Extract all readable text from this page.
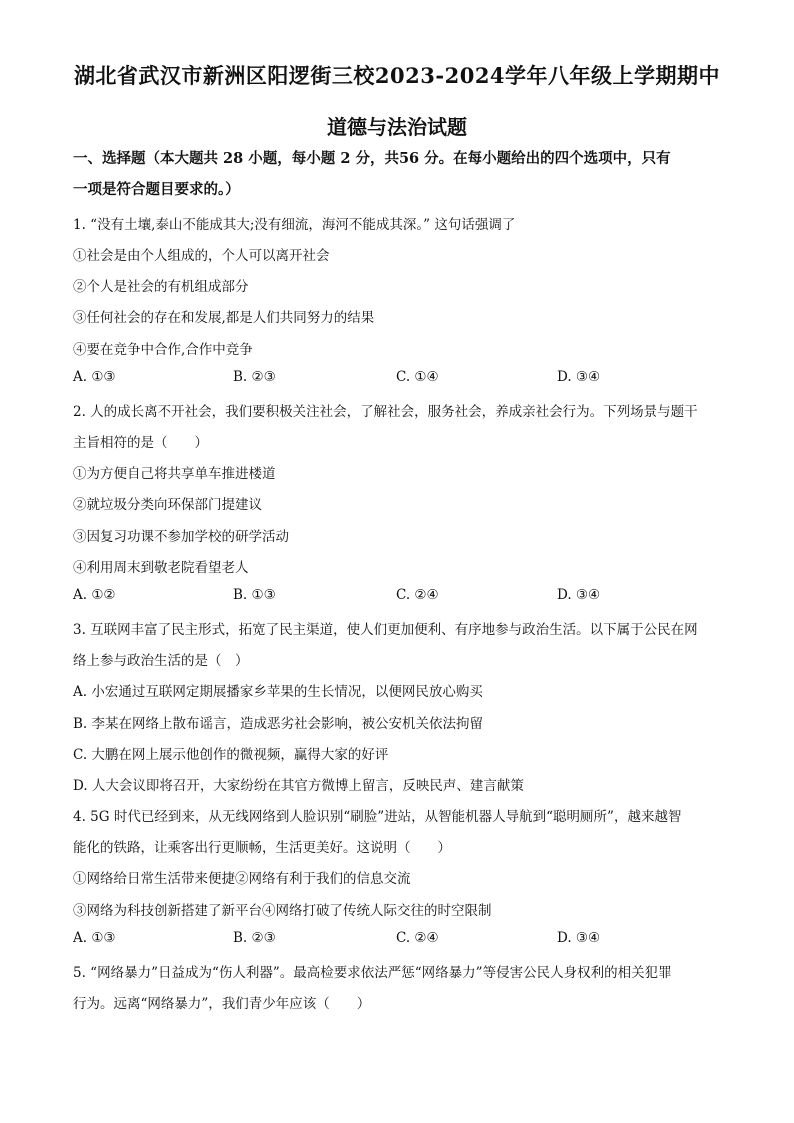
湖北省武汉市新洲区阳逻街三校2023-2024学年八年级上学期期中
道德与法治试题
一、选择题（本大题共 28 小题，每小题 2 分，共56 分。在每小题给出的四个选项中，只有
一项是符合题目要求的。）
1. “没有土壤,泰山不能成其大;没有细流，海河不能成其深。” 这句话强调了
①社会是由个人组成的，个人可以离开社会
②个人是社会的有机组成部分
③任何社会的存在和发展,都是人们共同努力的结果
④要在竞争中合作,合作中竞争
A. ①③	B. ②③	C. ①④	D. ③④
2. 人的成长离不开社会，我们要积极关注社会，了解社会，服务社会，养成亲社会行为。下列场景与题干
主旨相符的是（　　）
①为方便自己将共享单车推进楼道
②就垃圾分类向环保部门提建议
③因复习功课不参加学校的研学活动
④利用周末到敬老院看望老人
A. ①②	B. ①③	C. ②④	D. ③④
3. 互联网丰富了民主形式，拓宽了民主渠道，使人们更加便利、有序地参与政治生活。以下属于公民在网
络上参与政治生活的是（　）
A. 小宏通过互联网定期展播家乡苹果的生长情况，以便网民放心购买
B. 李某在网络上散布谣言，造成恶劣社会影响，被公安机关依法拘留
C. 大鹏在网上展示他创作的微视频，赢得大家的好评
D. 人大会议即将召开，大家纷纷在其官方微博上留言，反映民声、建言献策
4. 5G 时代已经到来，从无线网络到人脸识别“刷脸”进站，从智能机器人导航到“聪明厕所”，越来越智
能化的铁路，让乘客出行更顺畅，生活更美好。这说明（　　）
①网络给日常生活带来便捷②网络有利于我们的信息交流
③网络为科技创新搭建了新平台④网络打破了传统人际交往的时空限制
A. ①③	B. ②③	C. ②④	D. ③④
5. “网络暴力”日益成为“伤人利器”。最高检要求依法严惩“网络暴力”等侵害公民人身权利的相关犯罪
行为。远离“网络暴力”，我们青少年应该（　　）
